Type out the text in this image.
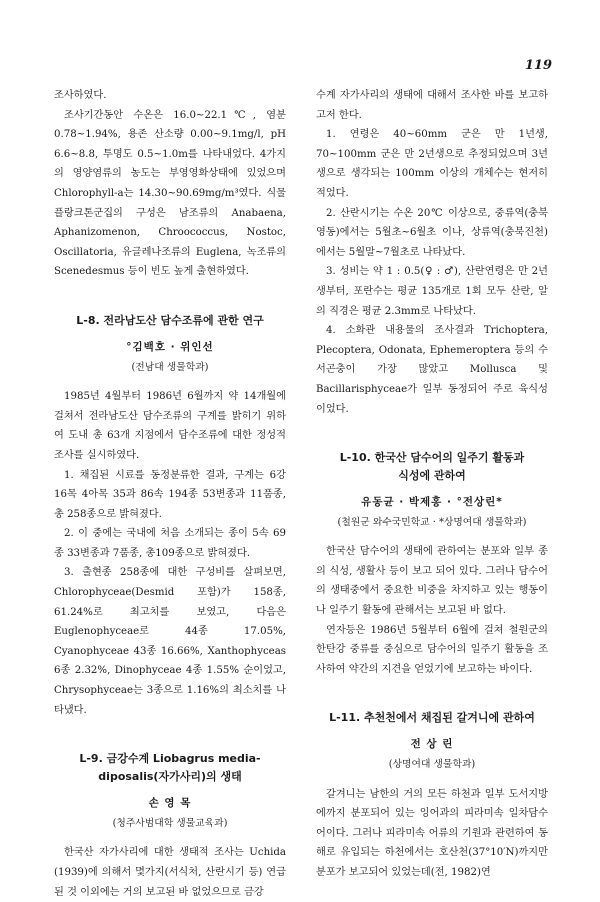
119

조사하였다.

조사기간동안 수온은 16.0~22.1℃, 염분 0.78~1.94%, 용존 산소량 0.00~9.1mg/l, pH 6.6~8.8, 투명도 0.5~1.0m를 나타내었다. 4가지의 영양염류의 농도는 부영영화상태에 있었으며 Chlorophyll-a는 14.30~90.69mg/m³였다. 식물플랑크톤군집의 구성은 남조류의 Anabaena, Aphanizomenon, Chroococcus, Nostoc, Oscillatoria, 유글레나조류의 Euglena, 녹조류의 Scenedesmus 등이 빈도 높게 출현하였다.

L-8. 전라남도산 담수조류에 관한 연구
°김백호 · 위인선
(전남대 생물학과)

1985년 4월부터 1986년 6월까지 약 14개월에 걸쳐서 전라남도산 담수조류의 구계를 밝히기 위하여 도내 총 63개 지점에서 담수조류에 대한 정성적 조사를 실시하였다.

1. 채집된 시료를 동정분류한 결과, 구계는 6강 16목 4아목 35과 86속 194종 53변종과 11품종, 총 258종으로 밝혀졌다.

2. 이 중에는 국내에 처음 소개되는 종이 5속 69종 33변종과 7품종, 총109종으로 밝혀졌다.

3. 출현종 258종에 대한 구성비를 살펴보면, Chlorophyceae(Desmid 포함)가 158종, 61.24%로 최고치를 보였고, 다음은 Euglenophyceae로 44종 17.05%, Cyanophyceae 43종 16.66%, Xanthophyceas 6종 2.32%, Dinophyceae 4종 1.55% 순이었고, Chrysophyceae는 3종으로 1.16%의 최소치를 나타냈다.

L-9. 금강수계 Liobagrus media-
diposalis(자가사리)의 생태
손 영 목
(청주사범대학 생물교육과)

한국산 자가사리에 대한 생태적 조사는 Uchida (1939)에 의해서 몇가지(서식처, 산란시기 등) 연급된 것 이외에는 거의 보고된 바 없었으므로 금강

수계 자가사리의 생태에 대해서 조사한 바를 보고하고저 한다.

1. 연령은 40~60mm 군은 만 1년생, 70~100mm 군은 만 2년생으로 추정되었으며 3년생으로 생각되는 100mm 이상의 개체수는 현저히 적었다.

2. 산란시기는 수온 20℃ 이상으로, 중류역(충북영동)에서는 5월초~6월초 이나, 상류역(충북진천)에서는 5월말~7월초로 나타났다.

3. 성비는 약 1 : 0.5(♀ : ♂), 산란연령은 만 2년생부터, 포란수는 평균 135개로 1회 모두 산란, 알의 직경은 평균 2.3mm로 나타났다.

4. 소화관 내용물의 조사결과 Trichoptera, Plecoptera, Odonata, Ephemeroptera 등의 수서곤충이 가장 많았고 Mollusca 및 Bacillarisphyceae가 일부 동정되어 주로 육식성 이었다.

L-10. 한국산 담수어의 일주기 활동과
식성에 관하여
유동균 · 박제홍 · °전상린*
(철원군 와수국민학교 · *상명여대 생물학과)

한국산 담수어의 생태에 관하여는 분포와 일부 종의 식성, 생활사 등이 보고 되어 있다. 그러나 담수어의 생태중에서 중요한 비중을 차지하고 있는 행동이나 일주기 활동에 관해서는 보고된 바 없다.

연자등은 1986년 5월부터 6월에 걸쳐 철원군의 한탄강 중류를 중심으로 담수어의 일주기 활동을 조사하여 약간의 지견을 얻었기에 보고하는 바이다.

L-11. 추천천에서 채집된 갈겨니에 관하여
전 상 린
(상명여대 생물학과)

갈겨니는 남한의 거의 모든 하천과 일부 도서지방에까지 분포되어 있는 잉어과의 피라미속 일차담수어이다. 그러나 피라미속 어류의 기원과 관련하여 동해로 유입되는 하천에서는 호산천(37°10′N)까지만 분포가 보고되어 있었는데(전, 1982)연
